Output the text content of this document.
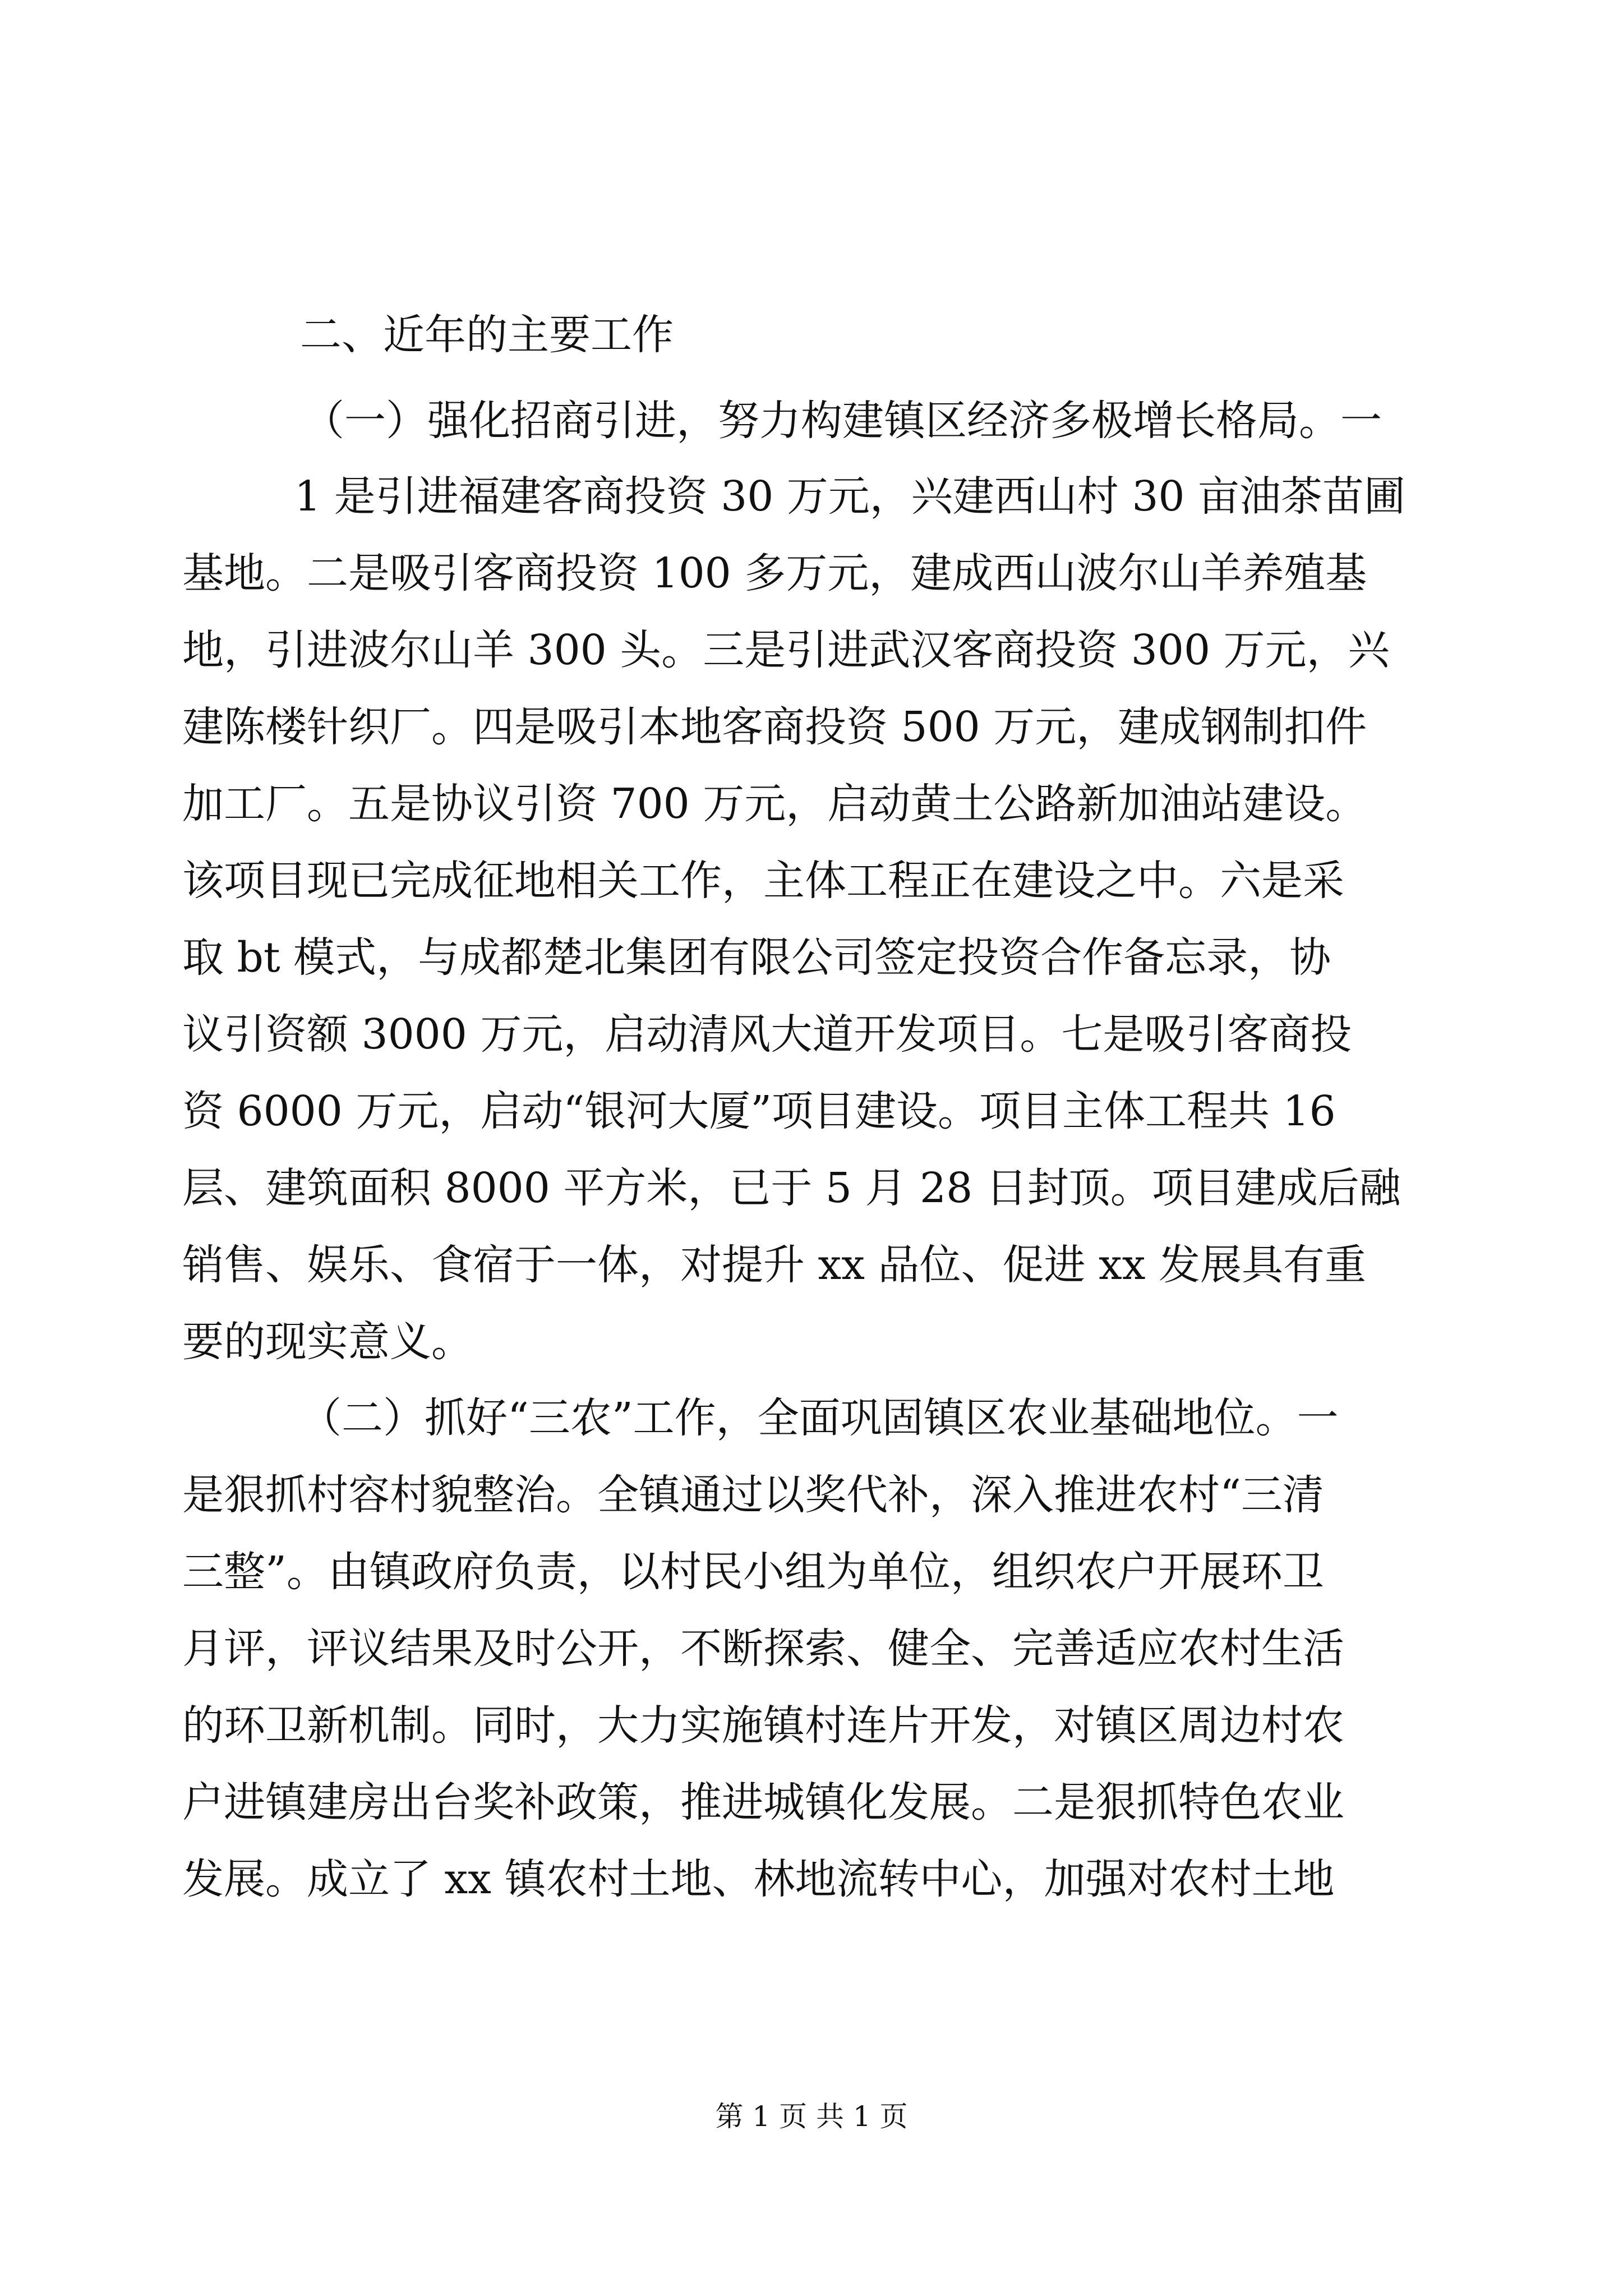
二、近年的主要工作
（一）强化招商引进，努力构建镇区经济多极增长格局。一
1 是引进福建客商投资 30 万元，兴建西山村 30 亩油茶苗圃
基地。二是吸引客商投资 100 多万元，建成西山波尔山羊养殖基
地，引进波尔山羊 300 头。三是引进武汉客商投资 300 万元，兴
建陈楼针织厂。四是吸引本地客商投资 500 万元，建成钢制扣件
加工厂。五是协议引资 700 万元，启动黄土公路新加油站建设。
该项目现已完成征地相关工作，主体工程正在建设之中。六是采
取 bt 模式，与成都楚北集团有限公司签定投资合作备忘录，协
议引资额 3000 万元，启动清风大道开发项目。七是吸引客商投
资 6000 万元，启动“银河大厦”项目建设。项目主体工程共 16
层、建筑面积 8000 平方米，已于 5 月 28 日封顶。项目建成后融
销售、娱乐、食宿于一体，对提升 xx 品位、促进 xx 发展具有重
要的现实意义。
（二）抓好“三农”工作，全面巩固镇区农业基础地位。一
是狠抓村容村貌整治。全镇通过以奖代补，深入推进农村“三清
三整”。由镇政府负责，以村民小组为单位，组织农户开展环卫
月评，评议结果及时公开，不断探索、健全、完善适应农村生活
的环卫新机制。同时，大力实施镇村连片开发，对镇区周边村农
户进镇建房出台奖补政策，推进城镇化发展。二是狠抓特色农业
发展。成立了 xx 镇农村土地、林地流转中心，加强对农村土地
第 1 页 共 1 页
